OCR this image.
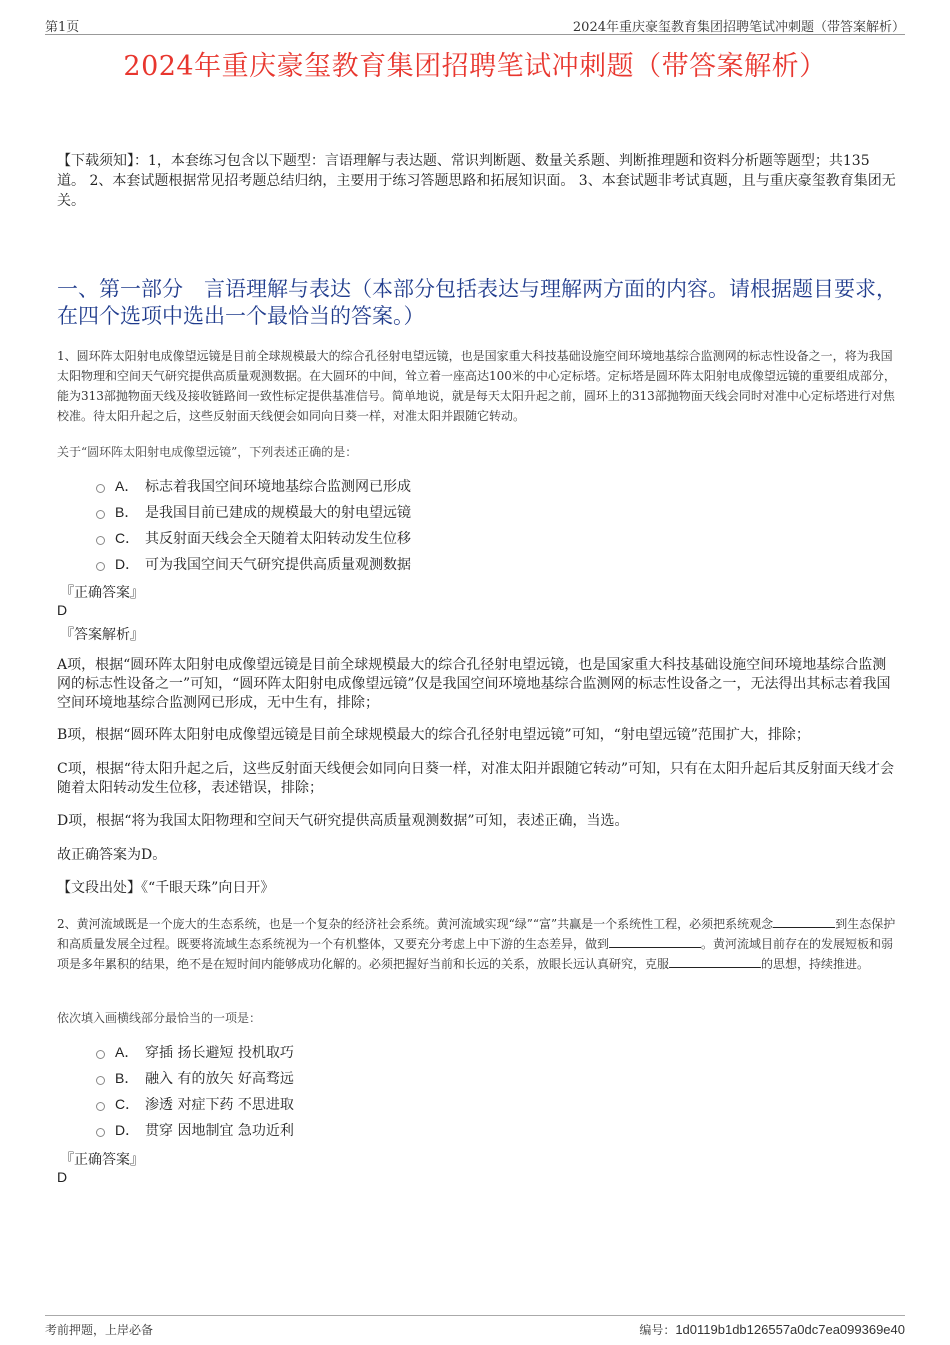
第1页	2024年重庆豪玺教育集团招聘笔试冲刺题（带答案解析）
2024年重庆豪玺教育集团招聘笔试冲刺题（带答案解析）
【下载须知】：1，本套练习包含以下题型：言语理解与表达题、常识判断题、数量关系题、判断推理题和资料分析题等题型；共135道。 2、本套试题根据常见招考题总结归纳，主要用于练习答题思路和拓展知识面。 3、本套试题非考试真题，且与重庆豪玺教育集团无关。
一、第一部分　言语理解与表达（本部分包括表达与理解两方面的内容。请根据题目要求，在四个选项中选出一个最恰当的答案。）
1、圆环阵太阳射电成像望远镜是目前全球规模最大的综合孔径射电望远镜，也是国家重大科技基础设施空间环境地基综合监测网的标志性设备之一，将为我国太阳物理和空间天气研究提供高质量观测数据。在大圆环的中间，耸立着一座高达100米的中心定标塔。定标塔是圆环阵太阳射电成像望远镜的重要组成部分，能为313部抛物面天线及接收链路间一致性标定提供基准信号。简单地说，就是每天太阳升起之前，圆环上的313部抛物面天线会同时对准中心定标塔进行对焦校准。待太阳升起之后，这些反射面天线便会如同向日葵一样，对准太阳并跟随它转动。
关于“圆环阵太阳射电成像望远镜”，下列表述正确的是：
A． 标志着我国空间环境地基综合监测网已形成
B． 是我国目前已建成的规模最大的射电望远镜
C． 其反射面天线会全天随着太阳转动发生位移
D． 可为我国空间天气研究提供高质量观测数据
『正确答案』
D
『答案解析』
A项，根据“圆环阵太阳射电成像望远镜是目前全球规模最大的综合孔径射电望远镜，也是国家重大科技基础设施空间环境地基综合监测网的标志性设备之一”可知，“圆环阵太阳射电成像望远镜”仅是我国空间环境地基综合监测网的标志性设备之一，无法得出其标志着我国空间环境地基综合监测网已形成，无中生有，排除；
B项，根据“圆环阵太阳射电成像望远镜是目前全球规模最大的综合孔径射电望远镜”可知，“射电望远镜”范围扩大，排除；
C项，根据“待太阳升起之后，这些反射面天线便会如同向日葵一样，对准太阳并跟随它转动”可知，只有在太阳升起后其反射面天线才会随着太阳转动发生位移，表述错误，排除；
D项，根据“将为我国太阳物理和空间天气研究提供高质量观测数据”可知，表述正确，当选。
故正确答案为D。
【文段出处】《“千眼天珠”向日开》
2、黄河流域既是一个庞大的生态系统，也是一个复杂的经济社会系统。黄河流域实现“绿”“富”共赢是一个系统性工程，必须把系统观念	到生态保护和高质量发展全过程。既要将流域生态系统视为一个有机整体，又要充分考虑上中下游的生态差异，做到	。黄河流域目前存在的发展短板和弱项是多年累积的结果，绝不是在短时间内能够成功化解的。必须把握好当前和长远的关系，放眼长远认真研究，克服	的思想，持续推进。
依次填入画横线部分最恰当的一项是：
A． 穿插 扬长避短 投机取巧
B． 融入 有的放矢 好高骛远
C． 渗透 对症下药 不思进取
D． 贯穿 因地制宜 急功近利
『正确答案』
D
考前押题，上岸必备	编号：1d0119b1db126557a0dc7ea099369e40
